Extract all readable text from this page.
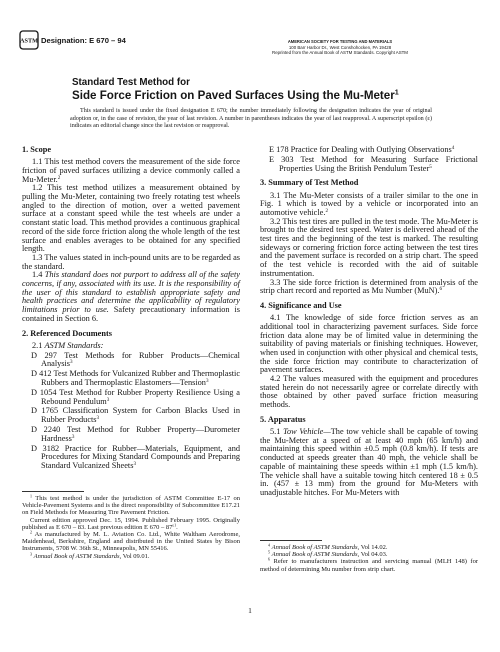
ASTM Designation: E 670 – 94	AMERICAN SOCIETY FOR TESTING AND MATERIALS
100 Barr Harbor Dr., West Conshohocken, PA 19428
Reprinted from the Annual Book of ASTM Standards. Copyright ASTM
Standard Test Method for
Side Force Friction on Paved Surfaces Using the Mu-Meter$^1$

This standard is issued under the fixed designation E 670; the number immediately following the designation indicates the year of original adoption or, in the case of revision, the year of last revision. A number in parentheses indicates the year of last reapproval. A superscript epsilon (ε) indicates an editorial change since the last revision or reapproval.

1. Scope

1.1 This test method covers the measurement of the side force friction of paved surfaces utilizing a device commonly called a Mu-Meter.$^2$

1.2 This test method utilizes a measurement obtained by pulling the Mu-Meter, containing two freely rotating test wheels angled to the direction of motion, over a wetted pavement surface at a constant speed while the test wheels are under a constant static load. This method provides a continuous graphical record of the side force friction along the whole length of the test surface and enables averages to be obtained for any specified length.

1.3 The values stated in inch-pound units are to be regarded as the standard.

1.4 This standard does not purport to address all of the safety concerns, if any, associated with its use. It is the responsibility of the user of this standard to establish appropriate safety and health practices and determine the applicability of regulatory limitations prior to use. Safety precautionary information is contained in Section 6.

2. Referenced Documents

2.1 ASTM Standards:

D 297 Test Methods for Rubber Products—Chemical Analysis$^3$

D 412 Test Methods for Vulcanized Rubber and Thermoplastic Rubbers and Thermoplastic Elastomers—Tension$^3$

D 1054 Test Method for Rubber Property Resilience Using a Rebound Pendulum$^3$

D 1765 Classification System for Carbon Blacks Used in Rubber Products$^3$

D 2240 Test Method for Rubber Property—Durometer Hardness$^3$

D 3182 Practice for Rubber—Materials, Equipment, and Procedures for Mixing Standard Compounds and Preparing Standard Vulcanized Sheets$^3$

E 178 Practice for Dealing with Outlying Observations$^4$

E 303 Test Method for Measuring Surface Frictional Properties Using the British Pendulum Tester$^5$

3. Summary of Test Method

3.1 The Mu-Meter consists of a trailer similar to the one in Fig. 1 which is towed by a vehicle or incorporated into an automotive vehicle.$^2$

3.2 This test tires are pulled in the test mode. The Mu-Meter is brought to the desired test speed. Water is delivered ahead of the test tires and the beginning of the test is marked. The resulting sideways or cornering friction force acting between the test tires and the pavement surface is recorded on a strip chart. The speed of the test vehicle is recorded with the aid of suitable instrumentation.

3.3 The side force friction is determined from analysis of the strip chart record and reported as Mu Number (MuN).$^6$

4. Significance and Use

4.1 The knowledge of side force friction serves as an additional tool in characterizing pavement surfaces. Side force friction data alone may be of limited value in determining the suitability of paving materials or finishing techniques. However, when used in conjunction with other physical and chemical tests, the side force friction may contribute to characterization of pavement surfaces.

4.2 The values measured with the equipment and procedures stated herein do not necessarily agree or correlate directly with those obtained by other paved surface friction measuring methods.

5. Apparatus

5.1 Tow Vehicle—The tow vehicle shall be capable of towing the Mu-Meter at a speed of at least 40 mph (65 km/h) and maintaining this speed within ±0.5 mph (0.8 km/h). If tests are conducted at speeds greater than 40 mph, the vehicle shall be capable of maintaining these speeds within ±1 mph (1.5 km/h). The vehicle shall have a suitable towing hitch centered 18 ± 0.5 in. (457 ± 13 mm) from the ground for Mu-Meters with unadjustable hitches. For Mu-Meters with

$^1$ This test method is under the jurisdiction of ASTM Committee E-17 on Vehicle-Pavement Systems and is the direct responsibility of Subcommittee E17.21 on Field Methods for Measuring Tire Pavement Friction.

Current edition approved Dec. 15, 1994. Published February 1995. Originally published as E 670 – 83. Last previous edition E $670 - 87^{\varepsilon 1}$.

$^2$ As manufactured by M. L. Aviation Co. Ltd., White Waltham Aerodrome, Maidenhead, Berkshire, England and distributed in the United States by Bison Instruments, 5708 W. 36th St., Minneapolis, MN 55416.

$^3$ Annual Book of ASTM Standards, Vol 09.01.

$^4$ Annual Book of ASTM Standards, Vol 14.02.

$^5$ Annual Book of ASTM Standards, Vol 04.03.

$^6$ Refer to manufacturers instruction and servicing manual (MLH 148) for method of determining Mu number from strip chart.

1
